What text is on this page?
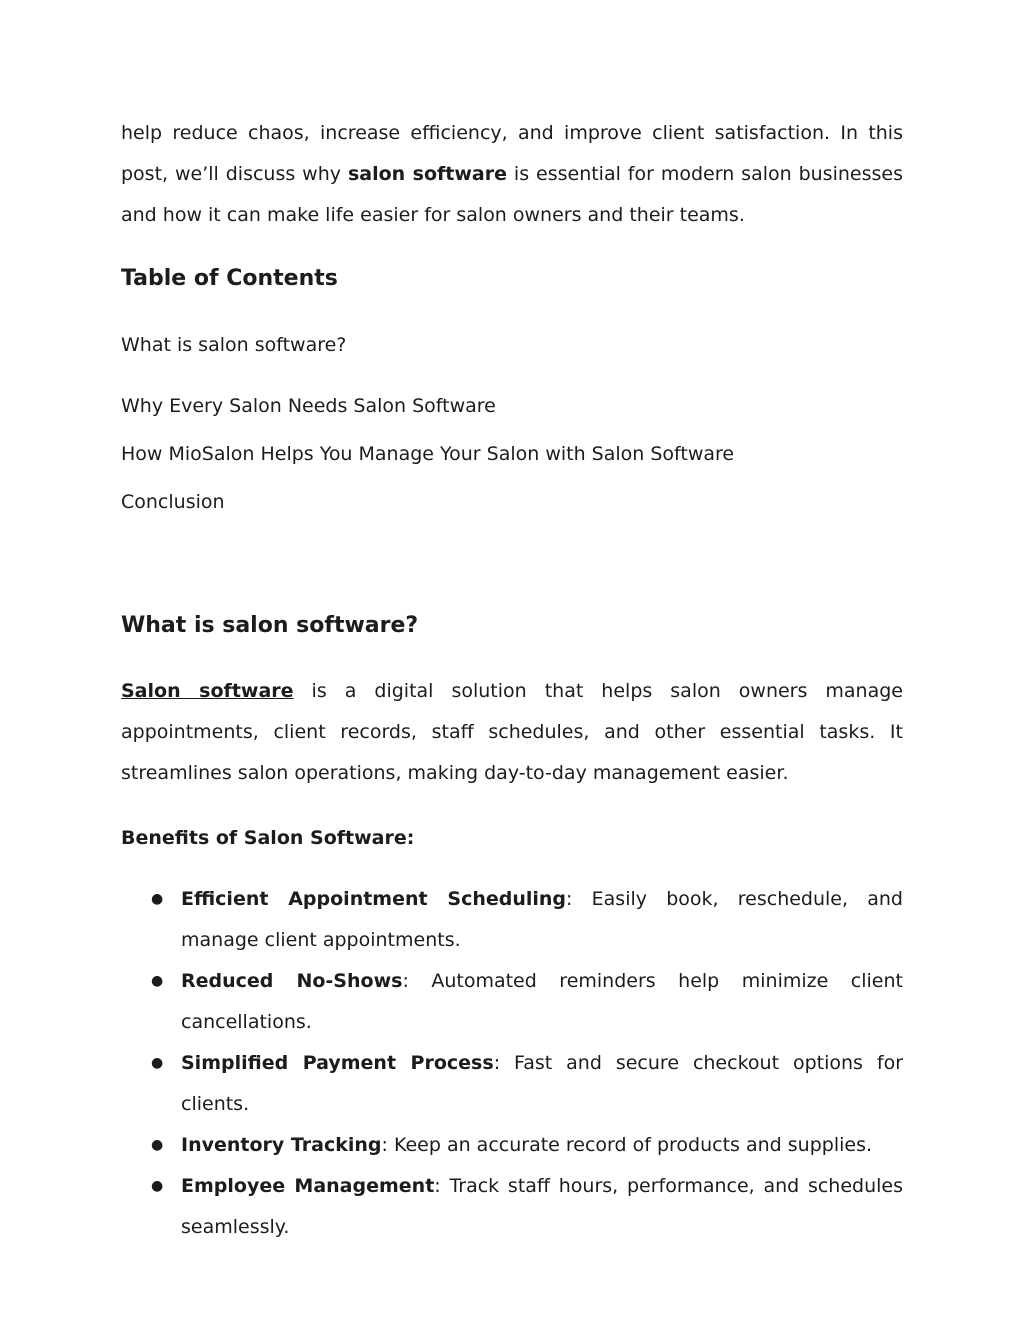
help reduce chaos, increase efficiency, and improve client satisfaction. In this post, we’ll discuss why salon software is essential for modern salon businesses and how it can make life easier for salon owners and their teams.

Table of Contents
What is salon software?
Why Every Salon Needs Salon Software
How MioSalon Helps You Manage Your Salon with Salon Software
Conclusion
What is salon software?

Salon software is a digital solution that helps salon owners manage appointments, client records, staff schedules, and other essential tasks. It streamlines salon operations, making day-to-day management easier.

Benefits of Salon Software:
● Efficient Appointment Scheduling: Easily book, reschedule, and manage client appointments.
● Reduced No-Shows: Automated reminders help minimize client cancellations.
● Simplified Payment Process: Fast and secure checkout options for clients.
● Inventory Tracking: Keep an accurate record of products and supplies.
● Employee Management: Track staff hours, performance, and schedules seamlessly.
